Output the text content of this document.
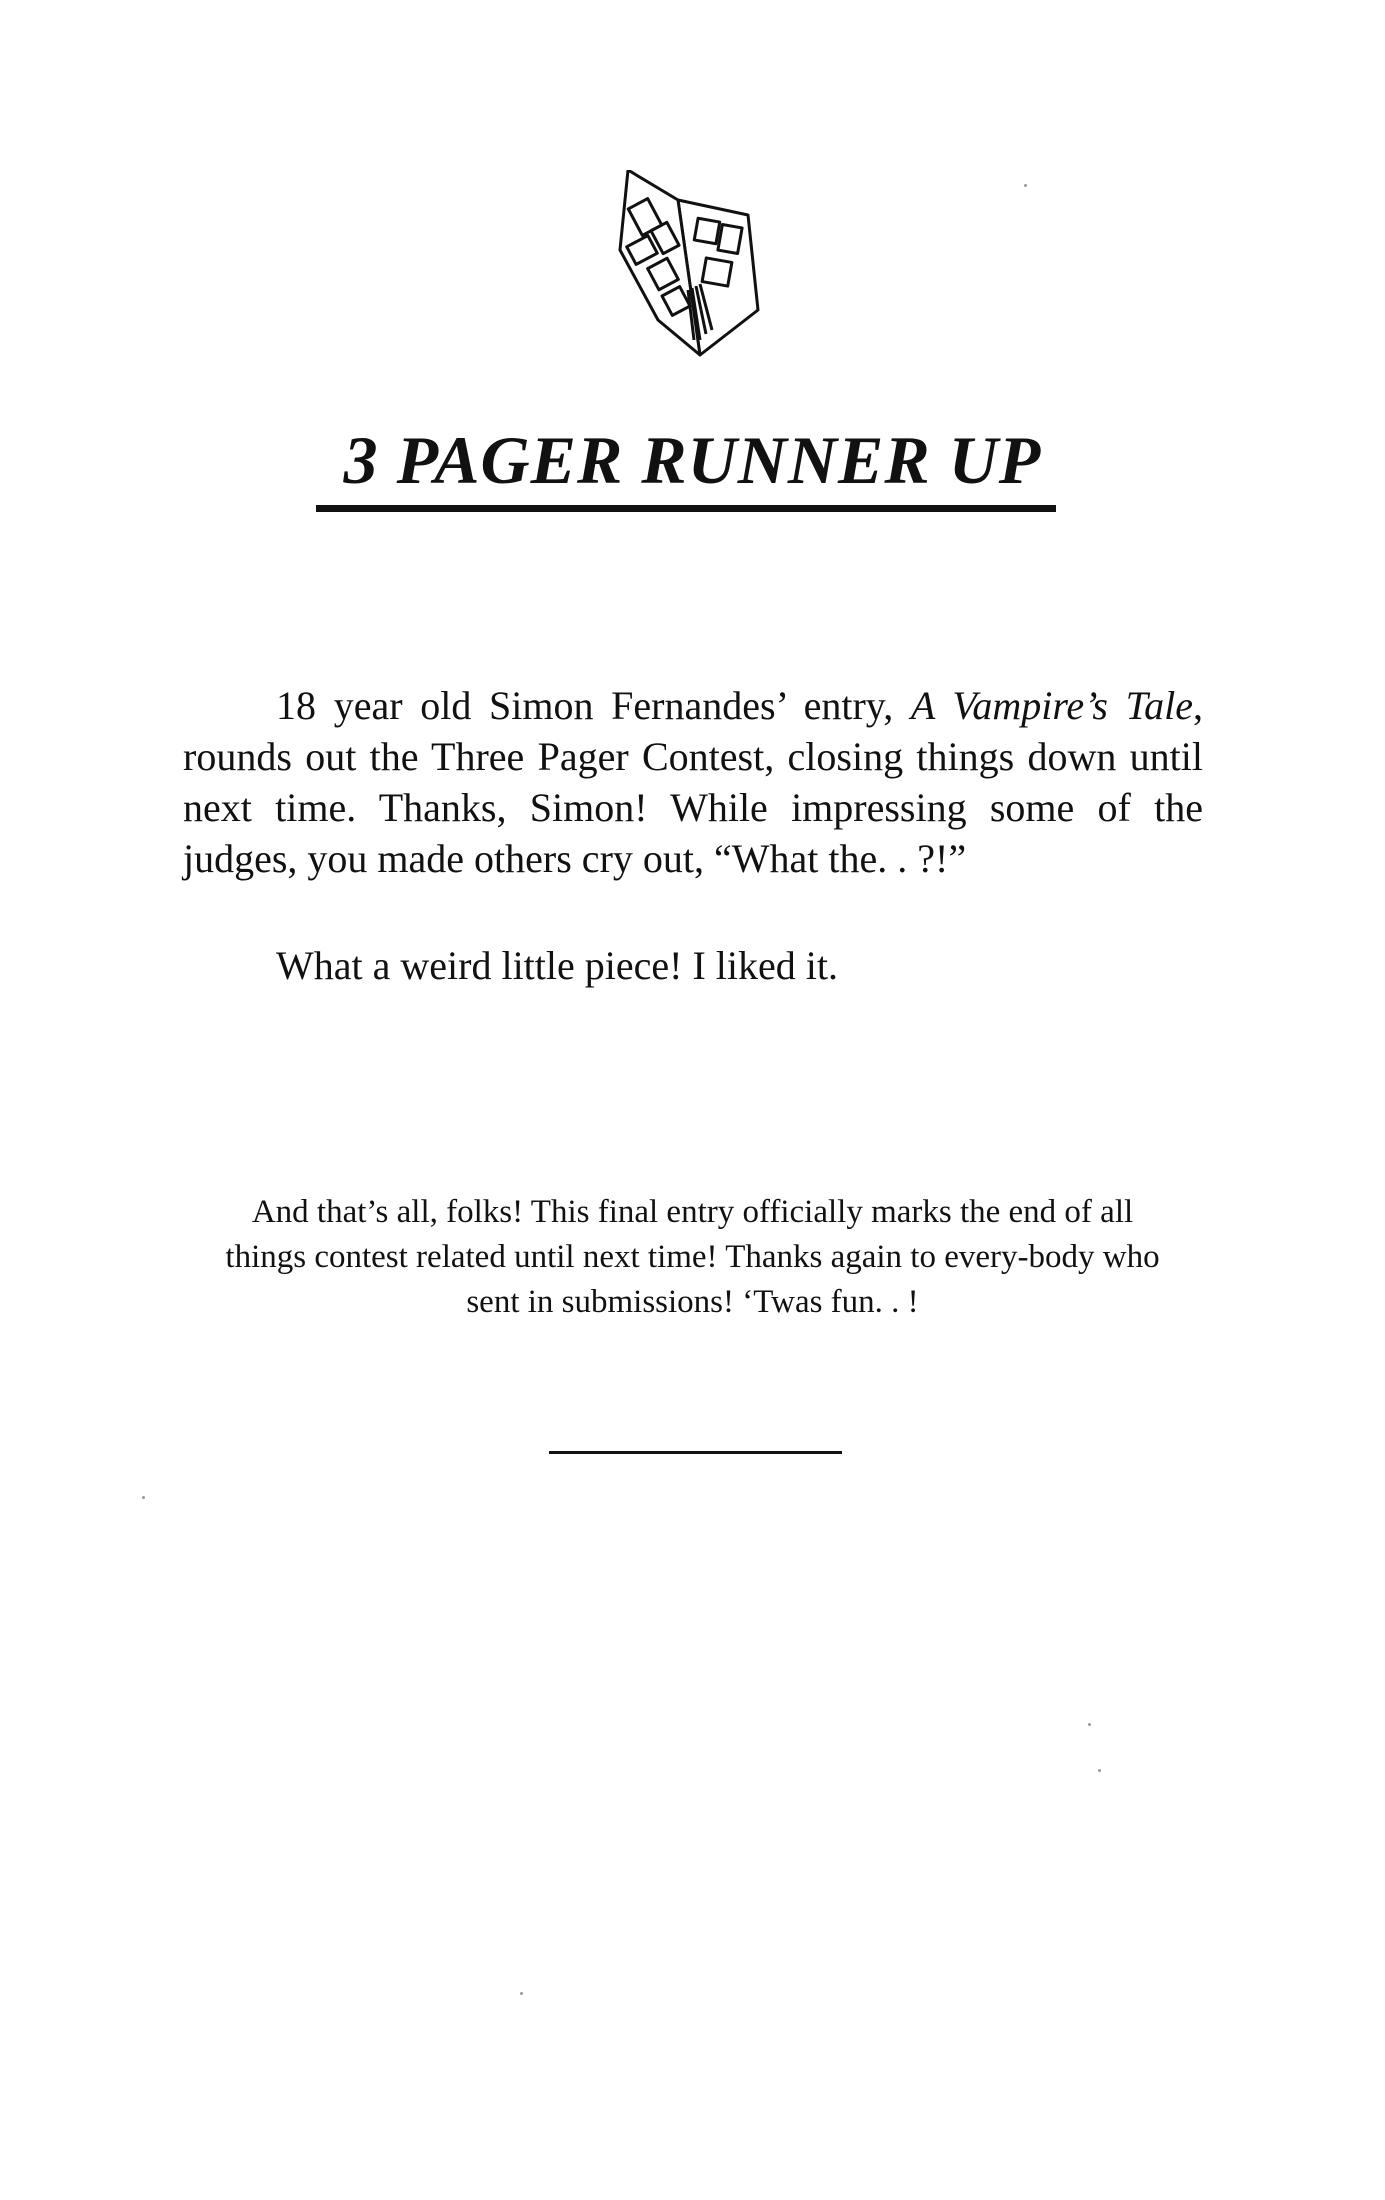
3 PAGER RUNNER UP

18 year old Simon Fernandes’ entry, A Vampire’s Tale, rounds out the Three Pager Contest, closing things down until next time. Thanks, Simon! While impressing some of the judges, you made others cry out, “What the. . ?!”

What a weird little piece! I liked it.

And that’s all, folks! This final entry officially marks the end of all things contest related until next time! Thanks again to every-body who sent in submissions! ‘Twas fun. . !
